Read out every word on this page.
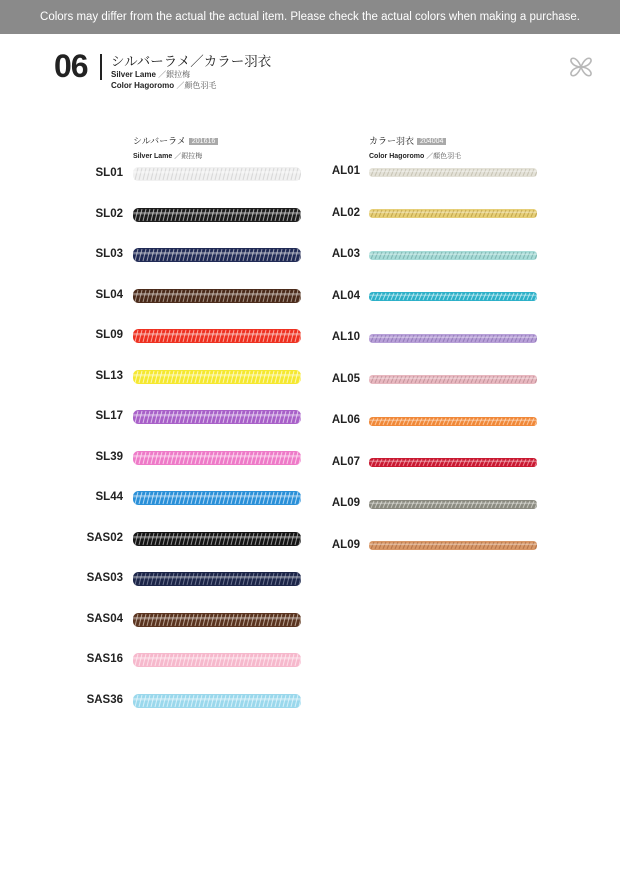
Colors may differ from the actual the actual item. Please check the actual colors when making a purchase.
06 シルバーラメ／カラー羽衣
Silver Lame ／銀拉梅
Color Hagoromo ／顏色羽毛
シルバーラメ 201616
Silver Lame ／銀拉梅
カラー羽衣 204004
Color Hagoromo ／顏色羽毛
SL01
SL02
SL03
SL04
SL09
SL13
SL17
SL39
SL44
SAS02
SAS03
SAS04
SAS16
SAS36
AL01
AL02
AL03
AL04
AL10
AL05
AL06
AL07
AL09
AL09
